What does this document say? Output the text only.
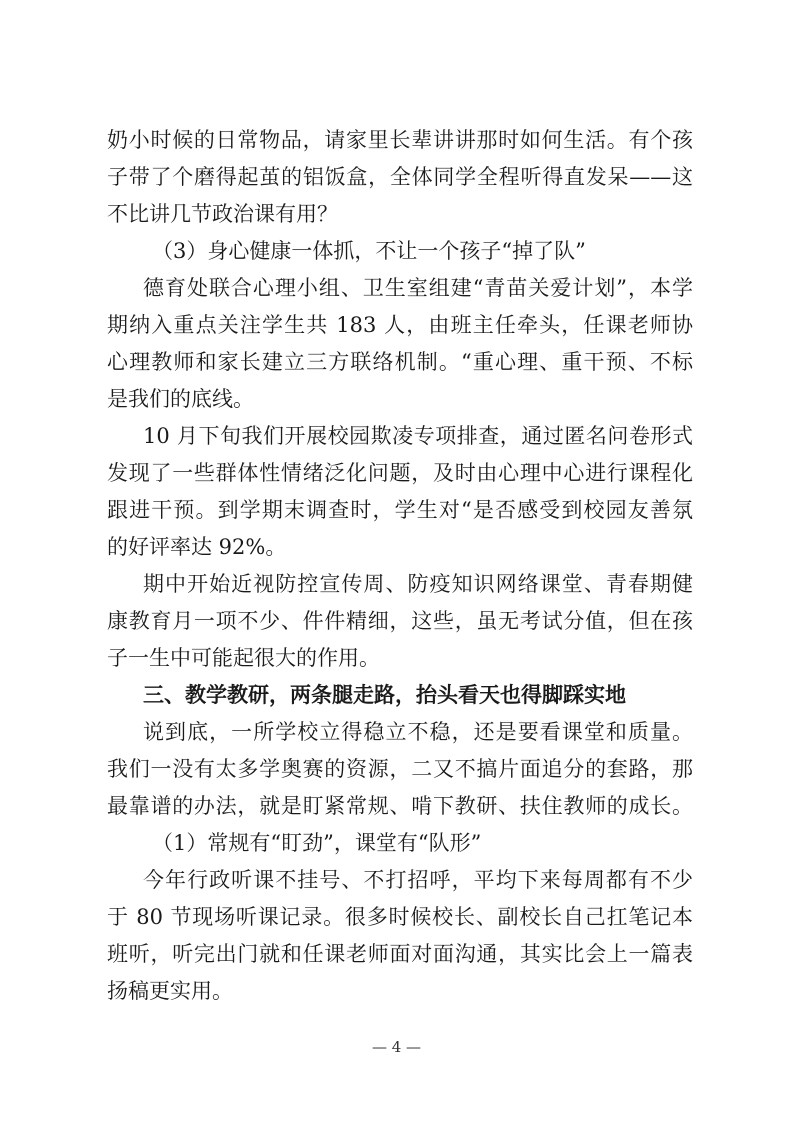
奶小时候的日常物品，请家里长辈讲讲那时如何生活。有个孩
子带了个磨得起茧的铝饭盒，全体同学全程听得直发呆——这
不比讲几节政治课有用？
（3）身心健康一体抓，不让一个孩子“掉了队”
德育处联合心理小组、卫生室组建“青苗关爱计划”，本学
期纳入重点关注学生共 183 人，由班主任牵头，任课老师协
心理教师和家长建立三方联络机制。“重心理、重干预、不标
是我们的底线。
10 月下旬我们开展校园欺凌专项排查，通过匿名问卷形式
发现了一些群体性情绪泛化问题，及时由心理中心进行课程化
跟进干预。到学期末调查时，学生对“是否感受到校园友善氛
的好评率达 92%。
期中开始近视防控宣传周、防疫知识网络课堂、青春期健
康教育月一项不少、件件精细，这些，虽无考试分值，但在孩
子一生中可能起很大的作用。
三、教学教研，两条腿走路，抬头看天也得脚踩实地
说到底，一所学校立得稳立不稳，还是要看课堂和质量。
我们一没有太多学奥赛的资源，二又不搞片面追分的套路，那
最靠谱的办法，就是盯紧常规、啃下教研、扶住教师的成长。
（1）常规有“盯劲”，课堂有“队形”
今年行政听课不挂号、不打招呼，平均下来每周都有不少
于 80 节现场听课记录。很多时候校长、副校长自己扛笔记本
班听，听完出门就和任课老师面对面沟通，其实比会上一篇表
扬稿更实用。
— 4 —
